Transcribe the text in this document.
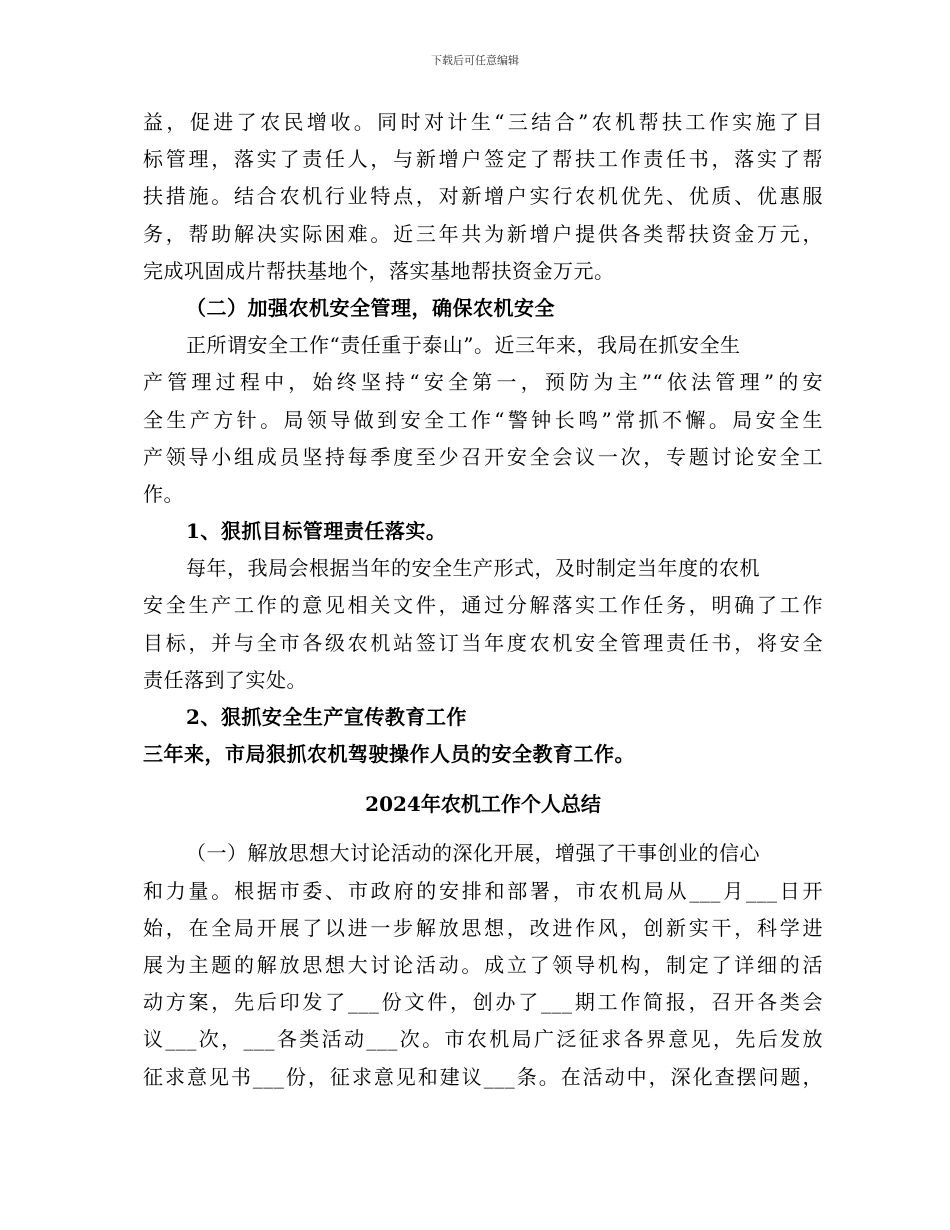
下载后可任意编辑
益，促进了农民增收。同时对计生“三结合”农机帮扶工作实施了目
标管理，落实了责任人，与新增户签定了帮扶工作责任书，落实了帮
扶措施。结合农机行业特点，对新增户实行农机优先、优质、优惠服
务，帮助解决实际困难。近三年共为新增户提供各类帮扶资金万元，
完成巩固成片帮扶基地个，落实基地帮扶资金万元。
（二）加强农机安全管理，确保农机安全
正所谓安全工作“责任重于泰山”。近三年来，我局在抓安全生
产管理过程中，始终坚持“安全第一，预防为主”“依法管理”的安
全生产方针。局领导做到安全工作“警钟长鸣”常抓不懈。局安全生
产领导小组成员坚持每季度至少召开安全会议一次，专题讨论安全工
作。
1、狠抓目标管理责任落实。
每年，我局会根据当年的安全生产形式，及时制定当年度的农机
安全生产工作的意见相关文件，通过分解落实工作任务，明确了工作
目标，并与全市各级农机站签订当年度农机安全管理责任书，将安全
责任落到了实处。
2、狠抓安全生产宣传教育工作
三年来，市局狠抓农机驾驶操作人员的安全教育工作。
2024年农机工作个人总结
（一）解放思想大讨论活动的深化开展，增强了干事创业的信心
和力量。根据市委、市政府的安排和部署，市农机局从___月___日开
始，在全局开展了以进一步解放思想，改进作风，创新实干，科学进
展为主题的解放思想大讨论活动。成立了领导机构，制定了详细的活
动方案，先后印发了___份文件，创办了___期工作简报，召开各类会
议___次，___各类活动___次。市农机局广泛征求各界意见，先后发放
征求意见书___份，征求意见和建议___条。在活动中，深化查摆问题，
